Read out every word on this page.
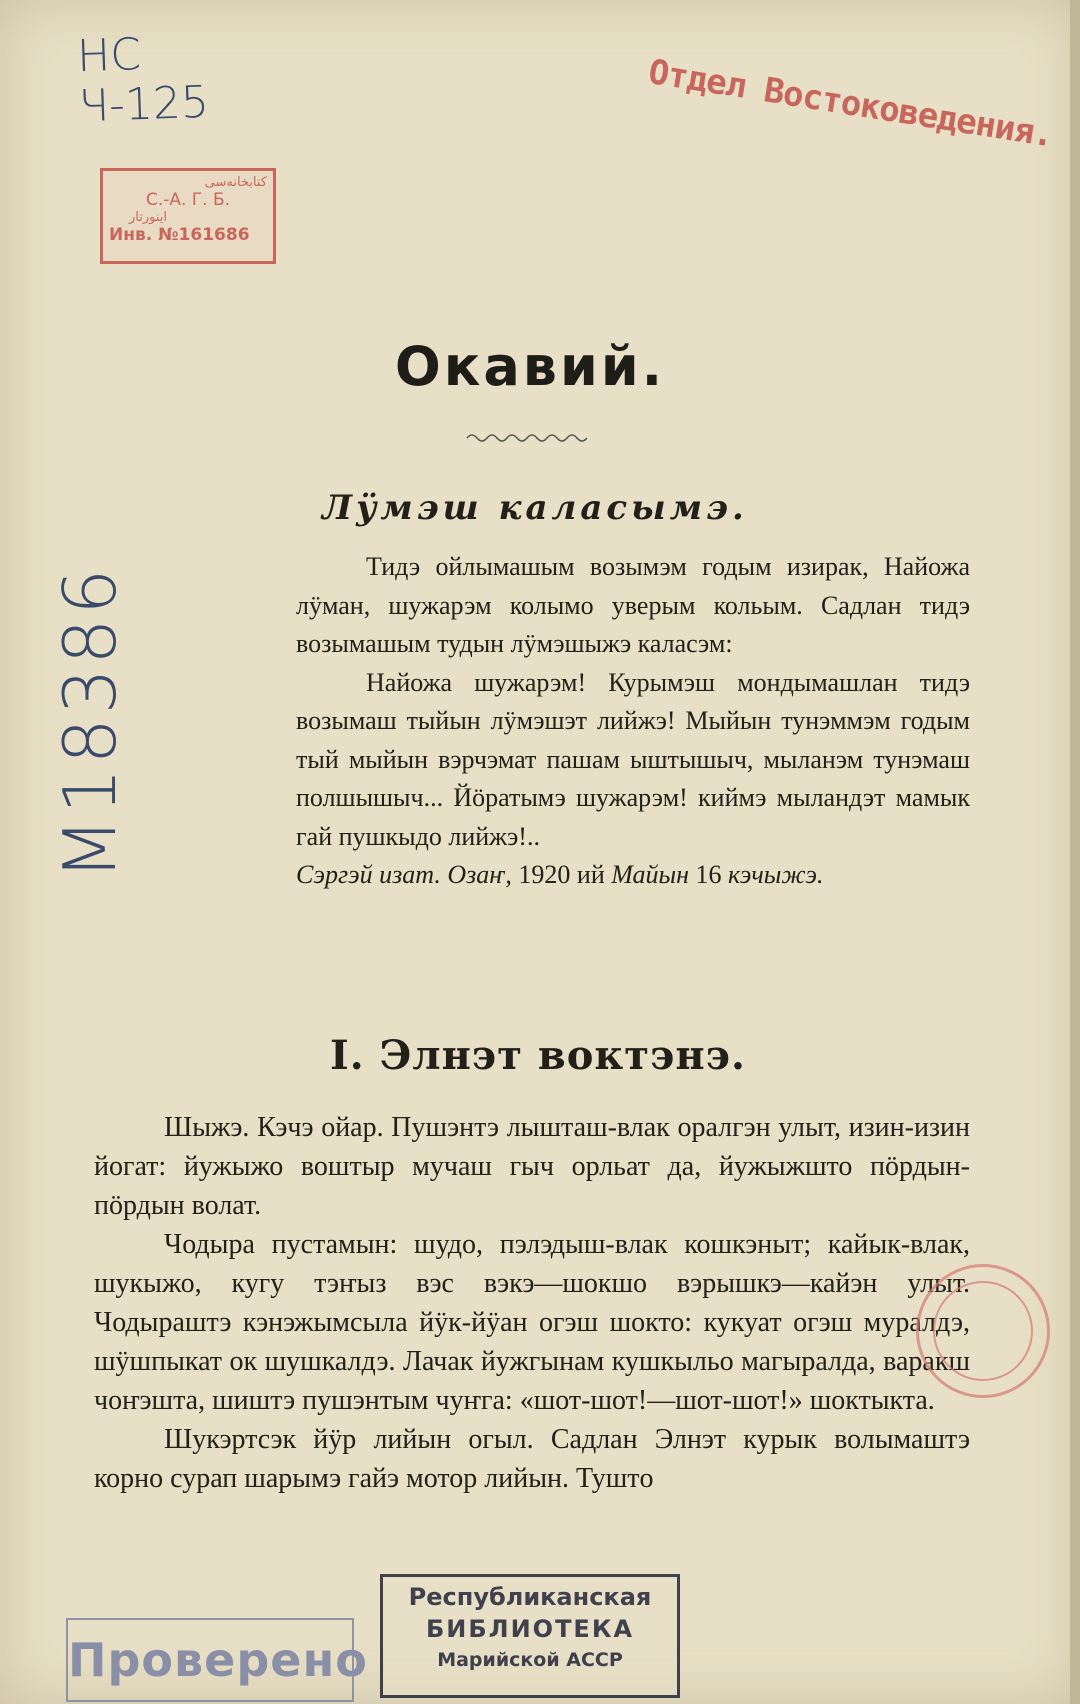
НС
Ч-125	Отдел Востоковедения.
كتابخانەسى
С.-А. Г. Б.
اينورتار
Инв. №161686
M18386
Окавий.
Лӱмэш каласымэ.

Тидэ ойлымашым возымэм годым изирак, Найожа лӱман, шужарэм колымо уверым кольым. Садлан тидэ возымашым тудын лӱмэшыжэ каласэм:

Найожа шужарэм! Курымэш мондымашлан тидэ возымаш тыйын лӱмэшэт лийжэ! Мыйын тунэммэм годым тый мыйын вэрчэмат пашам ыштышыч, мыланэм тунэмаш полшышыч... Йöратымэ шужарэм! киймэ мыландэт мамык гай пушкыдо лийжэ!..

Сэргэй изат. Озаҥ, 1920 ий Майын 16 кэчыжэ.

I. Элнэт воктэнэ.

Шыжэ. Кэчэ ойар. Пушэнтэ лышташ-влак оралгэн улыт, изин-изин йогат: йужыжо воштыр мучаш гыч орльат да, йужыжшто пöрдын-пöрдын волат.

Чодыра пустамын: шудо, пэлэдыш-влак кошкэныт; кайык-влак, шукыжо, кугу тэҥыз вэс вэкэ—шокшо вэрышкэ—кайэн улыт. Чодыраштэ кэнэжымсыла йӱк-йӱан огэш шокто: кукуат огэш муралдэ, шӱшпыкат ок шушкалдэ. Лачак йужгынам кушкыльо магыралда, варакш чоҥэшта, шиштэ пушэнтым чуҥга: «шот-шот!—шот-шот!» шоктыкта.

Шукэртсэк йӱр лийын огыл. Садлан Элнэт курык волымаштэ корно сурап шарымэ гайэ мотор лийын. Туштo

Проверено
Республиканская
БИБЛИОТЕКА
Марийской АССР
